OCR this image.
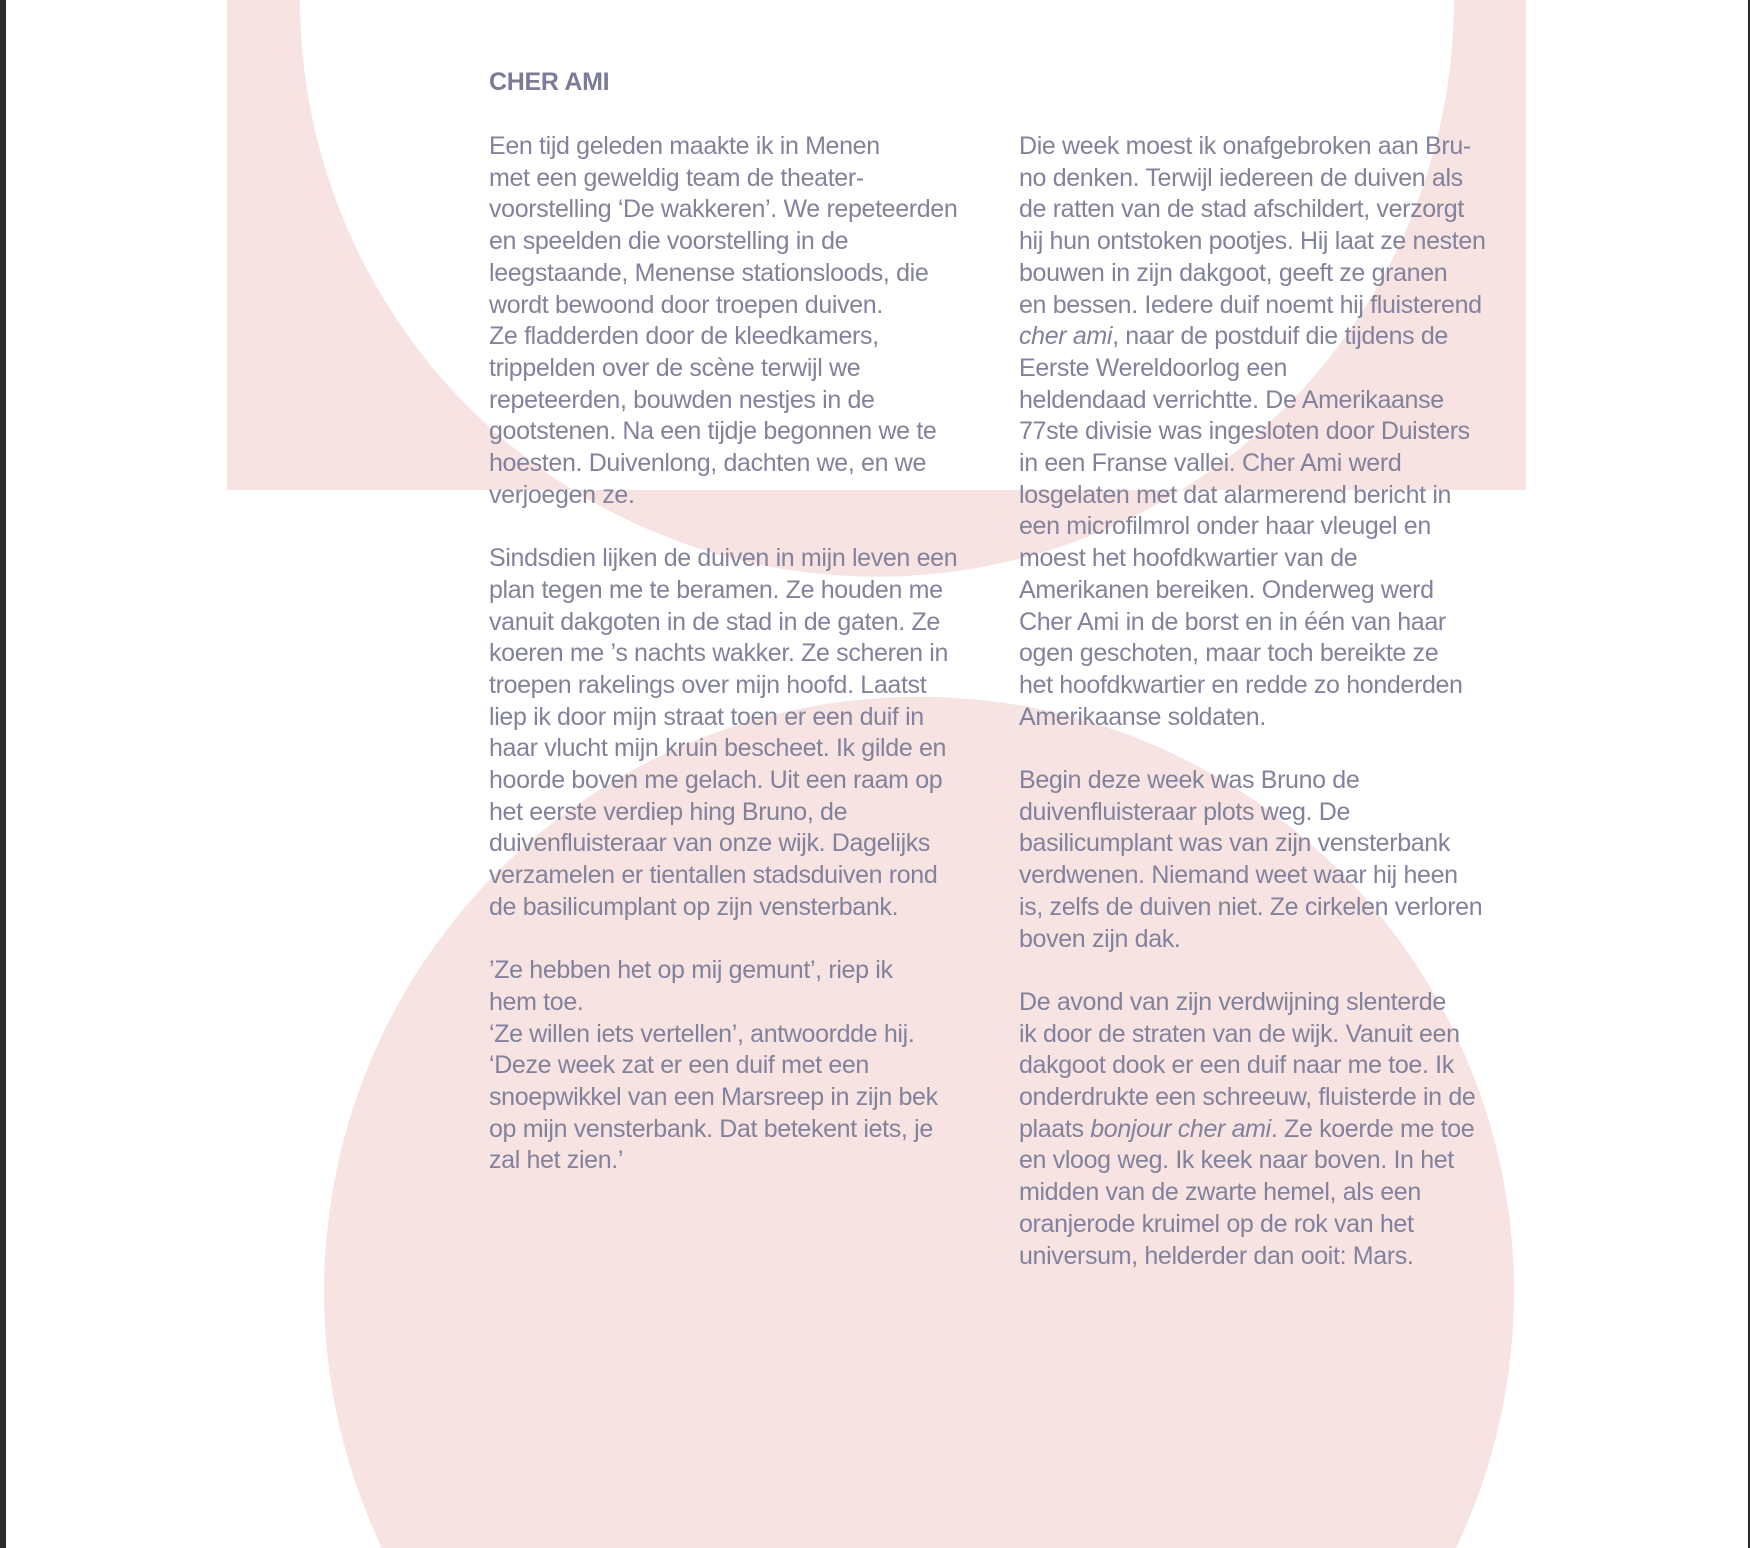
CHER AMI

Een tijd geleden maakte ik in Menen
met een geweldig team de theater-
voorstelling ‘De wakkeren’. We repeteerden
en speelden die voorstelling in de
leegstaande, Menense stationsloods, die
wordt bewoond door troepen duiven.
Ze fladderden door de kleedkamers,
trippelden over de scène terwijl we
repeteerden, bouwden nestjes in de
gootstenen. Na een tijdje begonnen we te
hoesten. Duivenlong, dachten we, en we
verjoegen ze.

Sindsdien lijken de duiven in mijn leven een
plan tegen me te beramen. Ze houden me
vanuit dakgoten in de stad in de gaten. Ze
koeren me ’s nachts wakker. Ze scheren in
troepen rakelings over mijn hoofd. Laatst
liep ik door mijn straat toen er een duif in
haar vlucht mijn kruin bescheet. Ik gilde en
hoorde boven me gelach. Uit een raam op
het eerste verdiep hing Bruno, de
duivenfluisteraar van onze wijk. Dagelijks
verzamelen er tientallen stadsduiven rond
de basilicumplant op zijn vensterbank.

’Ze hebben het op mij gemunt’, riep ik
hem toe.
‘Ze willen iets vertellen’, antwoordde hij.
‘Deze week zat er een duif met een
snoepwikkel van een Marsreep in zijn bek
op mijn vensterbank. Dat betekent iets, je
zal het zien.’

Die week moest ik onafgebroken aan Bru-
no denken. Terwijl iedereen de duiven als
de ratten van de stad afschildert, verzorgt
hij hun ontstoken pootjes. Hij laat ze nesten
bouwen in zijn dakgoot, geeft ze granen
en bessen. Iedere duif noemt hij fluisterend
cher ami, naar de postduif die tijdens de
Eerste Wereldoorlog een
heldendaad verrichtte. De Amerikaanse
77ste divisie was ingesloten door Duisters
in een Franse vallei. Cher Ami werd
losgelaten met dat alarmerend bericht in
een microfilmrol onder haar vleugel en
moest het hoofdkwartier van de
Amerikanen bereiken. Onderweg werd
Cher Ami in de borst en in één van haar
ogen geschoten, maar toch bereikte ze
het hoofdkwartier en redde zo honderden
Amerikaanse soldaten.

Begin deze week was Bruno de
duivenfluisteraar plots weg. De
basilicumplant was van zijn vensterbank
verdwenen. Niemand weet waar hij heen
is, zelfs de duiven niet. Ze cirkelen verloren
boven zijn dak.

De avond van zijn verdwijning slenterde
ik door de straten van de wijk. Vanuit een
dakgoot dook er een duif naar me toe. Ik
onderdrukte een schreeuw, fluisterde in de
plaats bonjour cher ami. Ze koerde me toe
en vloog weg. Ik keek naar boven. In het
midden van de zwarte hemel, als een
oranjerode kruimel op de rok van het
universum, helderder dan ooit: Mars.
